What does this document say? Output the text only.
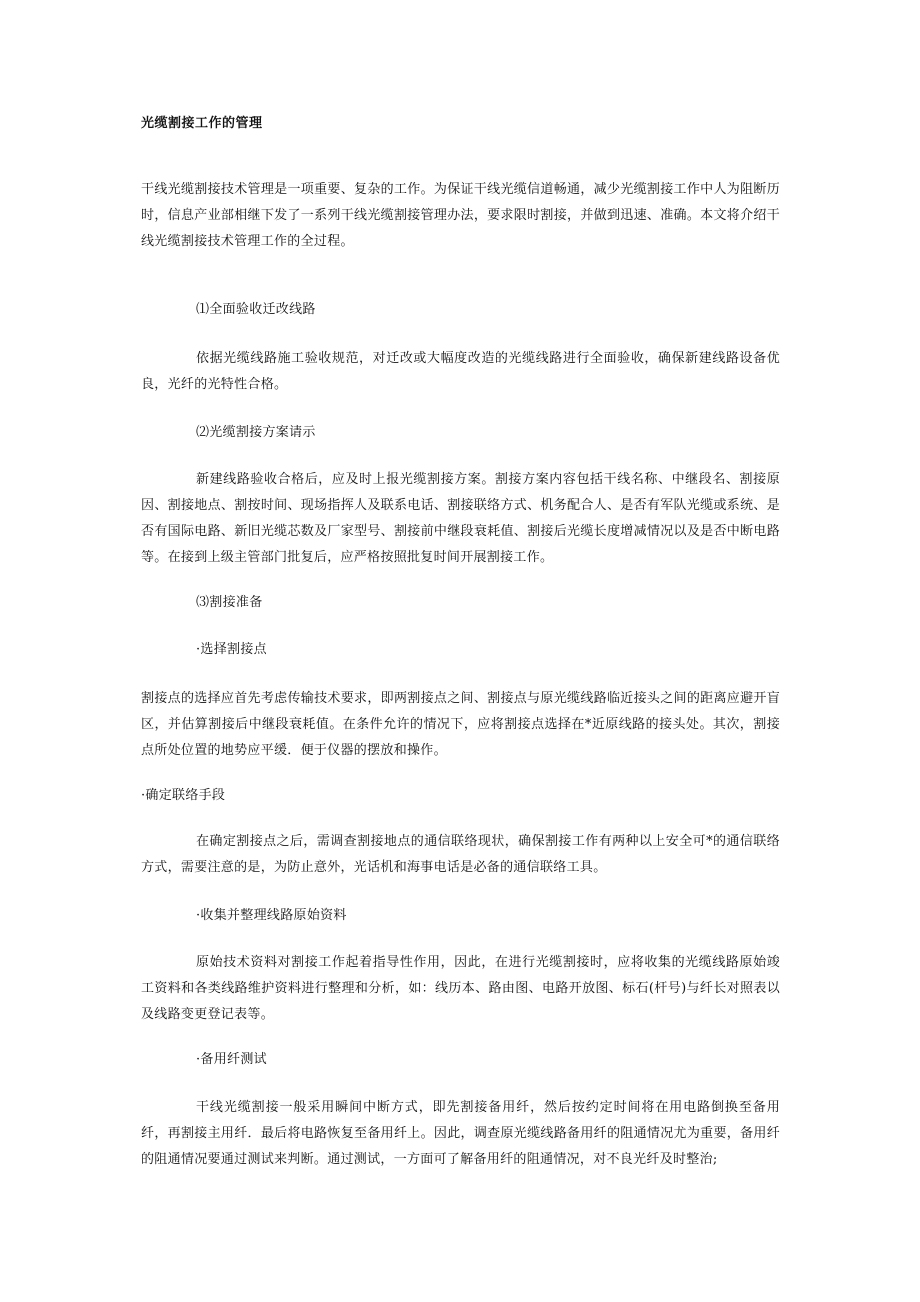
光缆割接工作的管理
干线光缆割接技术管理是一项重要、复杂的工作。为保证干线光缆信道畅通，减少光缆割接工作中人为阻断历时，信息产业部相继下发了一系列干线光缆割接管理办法，要求限时割接，并做到迅速、准确。本文将介绍干线光缆割接技术管理工作的全过程。
⑴全面验收迁改线路
依据光缆线路施工验收规范，对迁改或大幅度改造的光缆线路进行全面验收，确保新建线路设备优良，光纤的光特性合格。
⑵光缆割接方案请示
新建线路验收合格后，应及时上报光缆割接方案。割接方案内容包括干线名称、中继段名、割接原因、割接地点、割按时间、现场指挥人及联系电话、割接联络方式、机务配合人、是否有军队光缆或系统、是否有国际电路、新旧光缆芯数及厂家型号、割接前中继段衰耗值、割接后光缆长度增减情况以及是否中断电路等。在接到上级主管部门批复后，应严格按照批复时间开展割接工作。
⑶割接准备
·选择割接点
割接点的选择应首先考虑传输技术要求，即两割接点之间、割接点与原光缆线路临近接头之间的距离应避开盲区，并估算割接后中继段衰耗值。在条件允许的情况下，应将割接点选择在*近原线路的接头处。其次，割接点所处位置的地势应平缓．便于仪器的摆放和操作。
·确定联络手段
在确定割接点之后，需调查割接地点的通信联络现状，确保割接工作有两种以上安全可*的通信联络方式，需要注意的是，为防止意外，光话机和海事电话是必备的通信联络工具。
·收集并整理线路原始资料
原始技术资料对割接工作起着指导性作用，因此，在进行光缆割接时，应将收集的光缆线路原始竣工资料和各类线路维护资料进行整理和分析，如：线历本、路由图、电路开放图、标石(杆号)与纤长对照表以及线路变更登记表等。
·备用纤测试
干线光缆割接一般采用瞬间中断方式，即先割接备用纤，然后按约定时间将在用电路倒换至备用纤，再割接主用纤．最后将电路恢复至备用纤上。因此，调查原光缆线路备用纤的阻通情况尤为重要，备用纤的阻通情况要通过测试来判断。通过测试，一方面可了解备用纤的阻通情况，对不良光纤及时整治;
